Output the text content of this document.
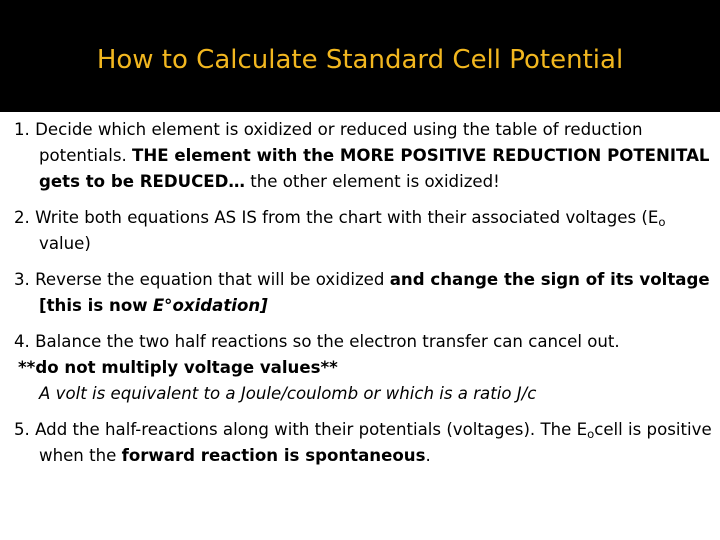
How to Calculate Standard Cell Potential
1. Decide which element is oxidized or reduced using the table of reduction potentials. THE element with the MORE POSITIVE REDUCTION POTENITAL gets to be REDUCED… the other element is oxidized!
2. Write both equations AS IS from the chart with their associated voltages ($E_o$ value)
3. Reverse the equation that will be oxidized and change the sign of its voltage [this is now E°oxidation]
4. Balance the two half reactions so the electron transfer can cancel out.
**do not multiply voltage values**
A volt is equivalent to a Joule/coulomb or which is a ratio J/c
5. Add the half-reactions along with their potentials (voltages). The $E_ocell$ is positive when the forward reaction is spontaneous.
